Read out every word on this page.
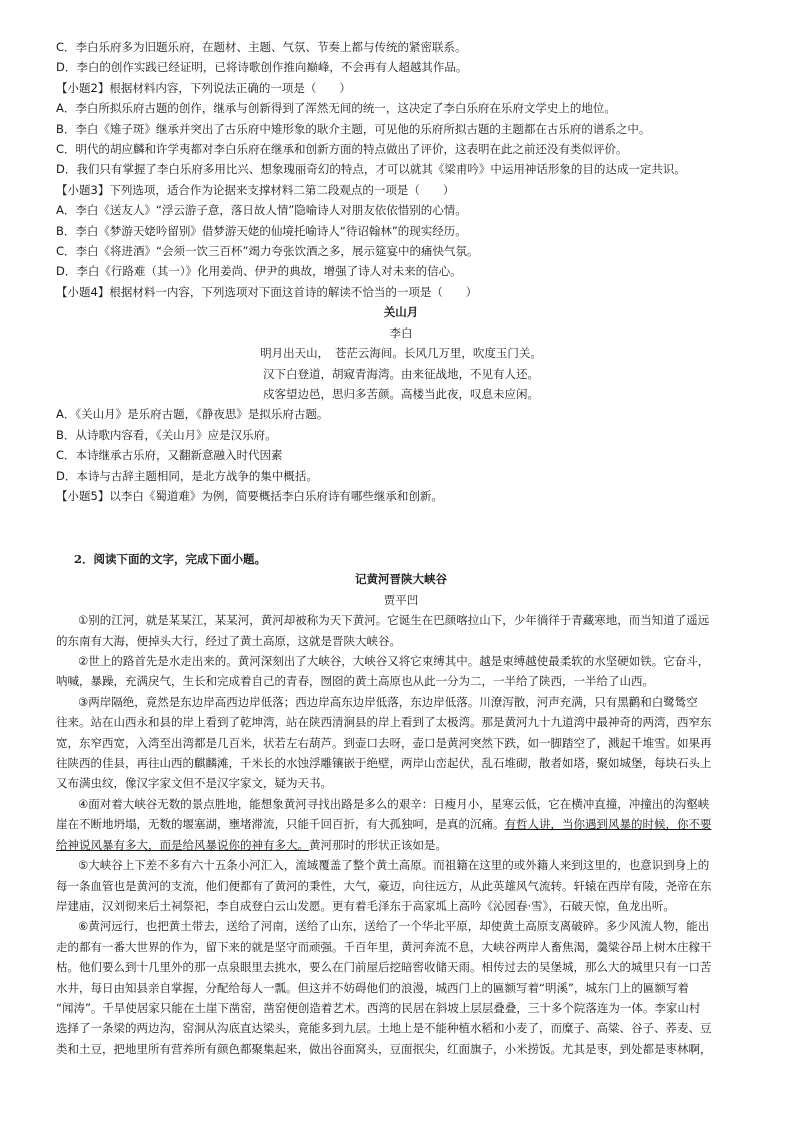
C．李白乐府多为旧题乐府，在题材、主题、气氛、节奏上都与传统的紧密联系。
D．李白的创作实践已经证明，已将诗歌创作推向巅峰，不会再有人超越其作品。
【小题2】根据材料内容，下列说法正确的一项是（　　）
A．李白所拟乐府古题的创作，继承与创新得到了浑然无间的统一，这决定了李白乐府在乐府文学史上的地位。
B．李白《雉子斑》继承并突出了古乐府中雉形象的耿介主题，可见他的乐府所拟古题的主题都在古乐府的谱系之中。
C．明代的胡应麟和许学夷都对李白乐府在继承和创新方面的特点做出了评价，这表明在此之前还没有类似评价。
D．我们只有掌握了李白乐府多用比兴、想象瑰丽奇幻的特点，才可以就其《梁甫吟》中运用神话形象的目的达成一定共识。
【小题3】下列选项，适合作为论据来支撑材料二第二段观点的一项是（　　）
A．李白《送友人》“浮云游子意，落日故人情”隐喻诗人对朋友依依惜别的心情。
B．李白《梦游天姥吟留别》借梦游天姥的仙境托喻诗人“待诏翰林”的现实经历。
C．李白《将进酒》“会须一饮三百杯”竭力夸张饮酒之多，展示筵宴中的痛快气氛。
D．李白《行路难（其一）》化用姜尚、伊尹的典故，增强了诗人对未来的信心。
【小题4】根据材料一内容，下列选项对下面这首诗的解读不恰当的一项是（　　）
关山月
李白
明月出天山，　苍茫云海间。长风几万里，吹度玉门关。
汉下白登道，胡窥青海湾。由来征战地，不见有人还。
戍客望边邑，思归多苦颜。高楼当此夜，叹息未应闲。
A．《关山月》是乐府古题，《静夜思》是拟乐府古题。
B．从诗歌内容看，《关山月》应是汉乐府。
C．本诗继承古乐府，又翻新意融入时代因素
D．本诗与古辞主题相同，是北方战争的集中概括。
【小题5】以李白《蜀道难》为例，简要概括李白乐府诗有哪些继承和创新。
2．阅读下面的文字，完成下面小题。
记黄河晋陕大峡谷
贾平凹
①别的江河，就是某某江，某某河，黄河却被称为天下黄河。它诞生在巴颜喀拉山下，少年徜徉于青藏寒地，而当知道了遥远
的东南有大海，便掉头大行，经过了黄土高原，这就是晋陕大峡谷。
②世上的路首先是水走出来的。黄河深刻出了大峡谷，大峡谷又将它束缚其中。越是束缚越使最柔软的水坚硬如铁。它奋斗，
呐喊，暴躁，充满戾气，生长和完成着自己的青春，囫囵的黄土高原也从此一分为二，一半给了陕西，一半给了山西。
③两岸隔绝，竟然是东边岸高西边岸低落；西边岸高东边岸低落，东边岸低落。川潦泻散，河声充满，只有黑鹳和白鹭鸶空
往来。站在山西永和县的岸上看到了乾坤湾，站在陕西清涧县的岸上看到了太极湾。那是黄河九十九道湾中最神奇的两湾，西窄东
宽，东窄西宽，入湾至出湾都是几百米，状若左右葫芦。到壶口去呀，壶口是黄河突然下跌，如一脚踏空了，溅起千堆雪。如果再
往陕西的佳县，再往山西的麒麟滩，千米长的水蚀浮雕镶嵌于绝壁，两岸山峦起伏，乱石堆砌，散者如塔，聚如城堡，每块石头上
又布满虫纹，像汉字家文但不是汉字家文，疑为天书。
④面对着大峡谷无数的景点胜地，能想象黄河寻找出路是多么的艰辛：日瘦月小，星寒云低，它在横冲直撞，冲撞出的沟壑峡
崖在不断地坍塌，无数的堰塞湖，壅堵滞流，只能千回百折，有大孤独呵，是真的沉痛。有哲人讲，当你遇到风暴的时候，你不要
给神说风暴有多大，而是给风暴说你的神有多大。黄河那时的形状正该如是。
⑤大峡谷上下差不多有六十五条小河汇入，流域覆盖了整个黄土高原。而祖籍在这里的或外籍人来到这里的，也意识到身上的
每一条血管也是黄河的支流，他们便都有了黄河的秉性，大气，豪迈，向往远方，从此英雄风气流转。轩辕在西岸有陵，尧帝在东
岸建庙，汉刘彻来后土祠祭祀，李自成登白云山发愿。更有着毛泽东于高家坬上高吟《沁园春·雪》，石破天惊，鱼龙出听。
⑥黄河远行，也把黄土带去，送给了河南，送给了山东，送给了一个华北平原，却使黄土高原支离破碎。多少风流人物，能出
走的都有一番大世界的作为，留下来的就是坚守而顽强。千百年里，黄河奔流不息，大峡谷两岸人畜焦渴，羹粱谷昂上树木庄稼干
枯。他们要么到十几里外的那一点泉眼里去挑水，要么在门前屋后挖暗窖收储天雨。相传过去的吴堡城，那么大的城里只有一口苦
水井，每日由知县亲自掌握，分配给每人一瓢。但这并不妨碍他们的浪漫，城西门上的匾额写着“明溪”，城东门上的匾额写着
“闻涛”。千旱使居家只能在土崖下凿窑，凿窑便创造着艺术。西湾的民居在斜坡上层层叠叠，三十多个院落连为一体。李家山村
选择了一条梁的两边沟，窑洞从沟底直达梁头，竟能多到九层。土地上是不能种植水稻和小麦了，而糜子、高粱、谷子、荞麦、豆
类和土豆，把地里所有营养所有颜色都聚集起来，做出谷面窝头，豆面抿尖，红面旗子，小米捞饭。尤其是枣，到处都是枣林啊，
